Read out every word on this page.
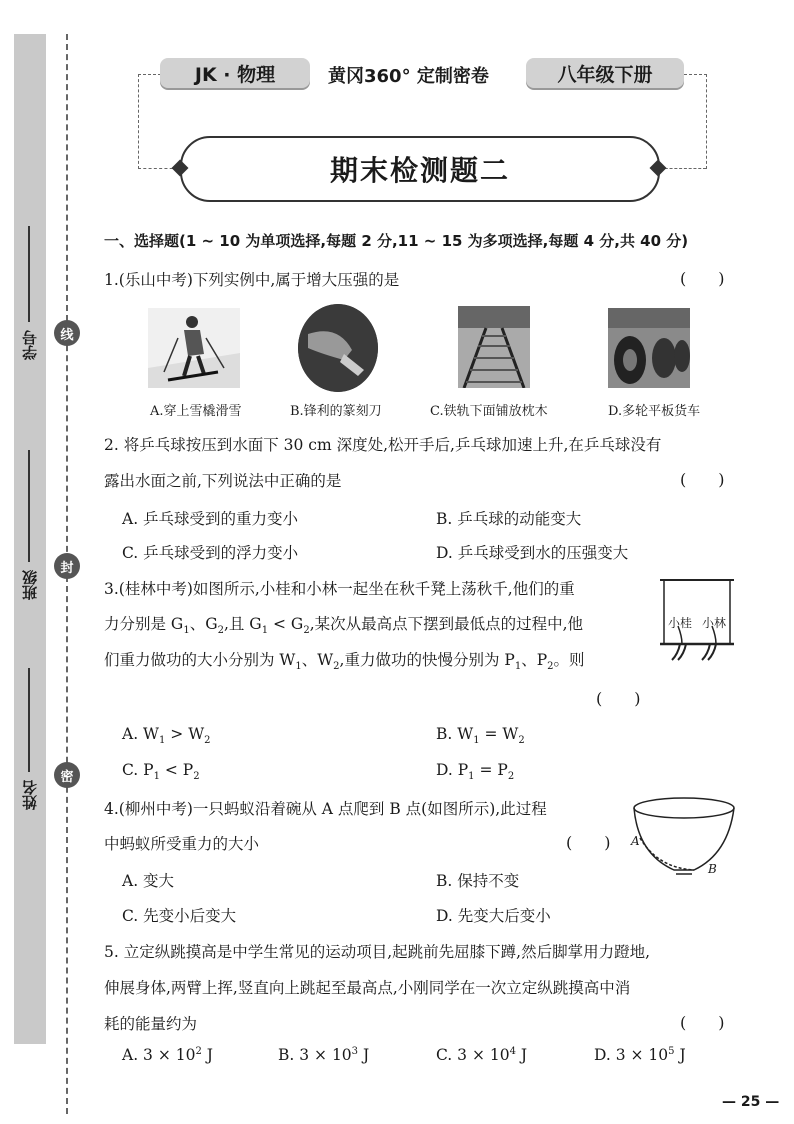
学号
班级
姓名
线
封
密
JK · 物理	黄冈360° 定制密卷	八年级下册
期末检测题二
一、选择题(1 ~ 10 为单项选择,每题 2 分,11 ~ 15 为多项选择,每题 4 分,共 40 分)
1.(乐山中考)下列实例中,属于增大压强的是	(　　)
A.穿上雪橇滑雪	B.锋利的篆刻刀	C.铁轨下面铺放枕木	D.多轮平板货车
2. 将乒乓球按压到水面下 30 cm 深度处,松开手后,乒乓球加速上升,在乒乓球没有
露出水面之前,下列说法中正确的是	(　　)
A. 乒乓球受到的重力变小	B. 乒乓球的动能变大
C. 乒乓球受到的浮力变小	D. 乒乓球受到水的压强变大
3.(桂林中考)如图所示,小桂和小林一起坐在秋千凳上荡秋千,他们的重
力分别是 $G_1$、$G_2$,且 $G_1 < G_2$,某次从最高点下摆到最低点的过程中,他
们重力做功的大小分别为 $W_1$、$W_2$,重力做功的快慢分别为 $P_1$、$P_2$。则
(　　)
小桂 小林
A. $W_1 > W_2$	B. $W_1 = W_2$
C. $P_1 < P_2$	D. $P_1 = P_2$
4.(柳州中考)一只蚂蚁沿着碗从 A 点爬到 B 点(如图所示),此过程
中蚂蚁所受重力的大小	(　　) A
B
A. 变大	B. 保持不变
C. 先变小后变大	D. 先变大后变小
5. 立定纵跳摸高是中学生常见的运动项目,起跳前先屈膝下蹲,然后脚掌用力蹬地,
伸展身体,两臂上挥,竖直向上跳起至最高点,小刚同学在一次立定纵跳摸高中消
耗的能量约为	(　　)
A. $3 \times 10^2$ J	B. $3 \times 10^3$ J	C. $3 \times 10^4$ J	D. $3 \times 10^5$ J
— 25 —
